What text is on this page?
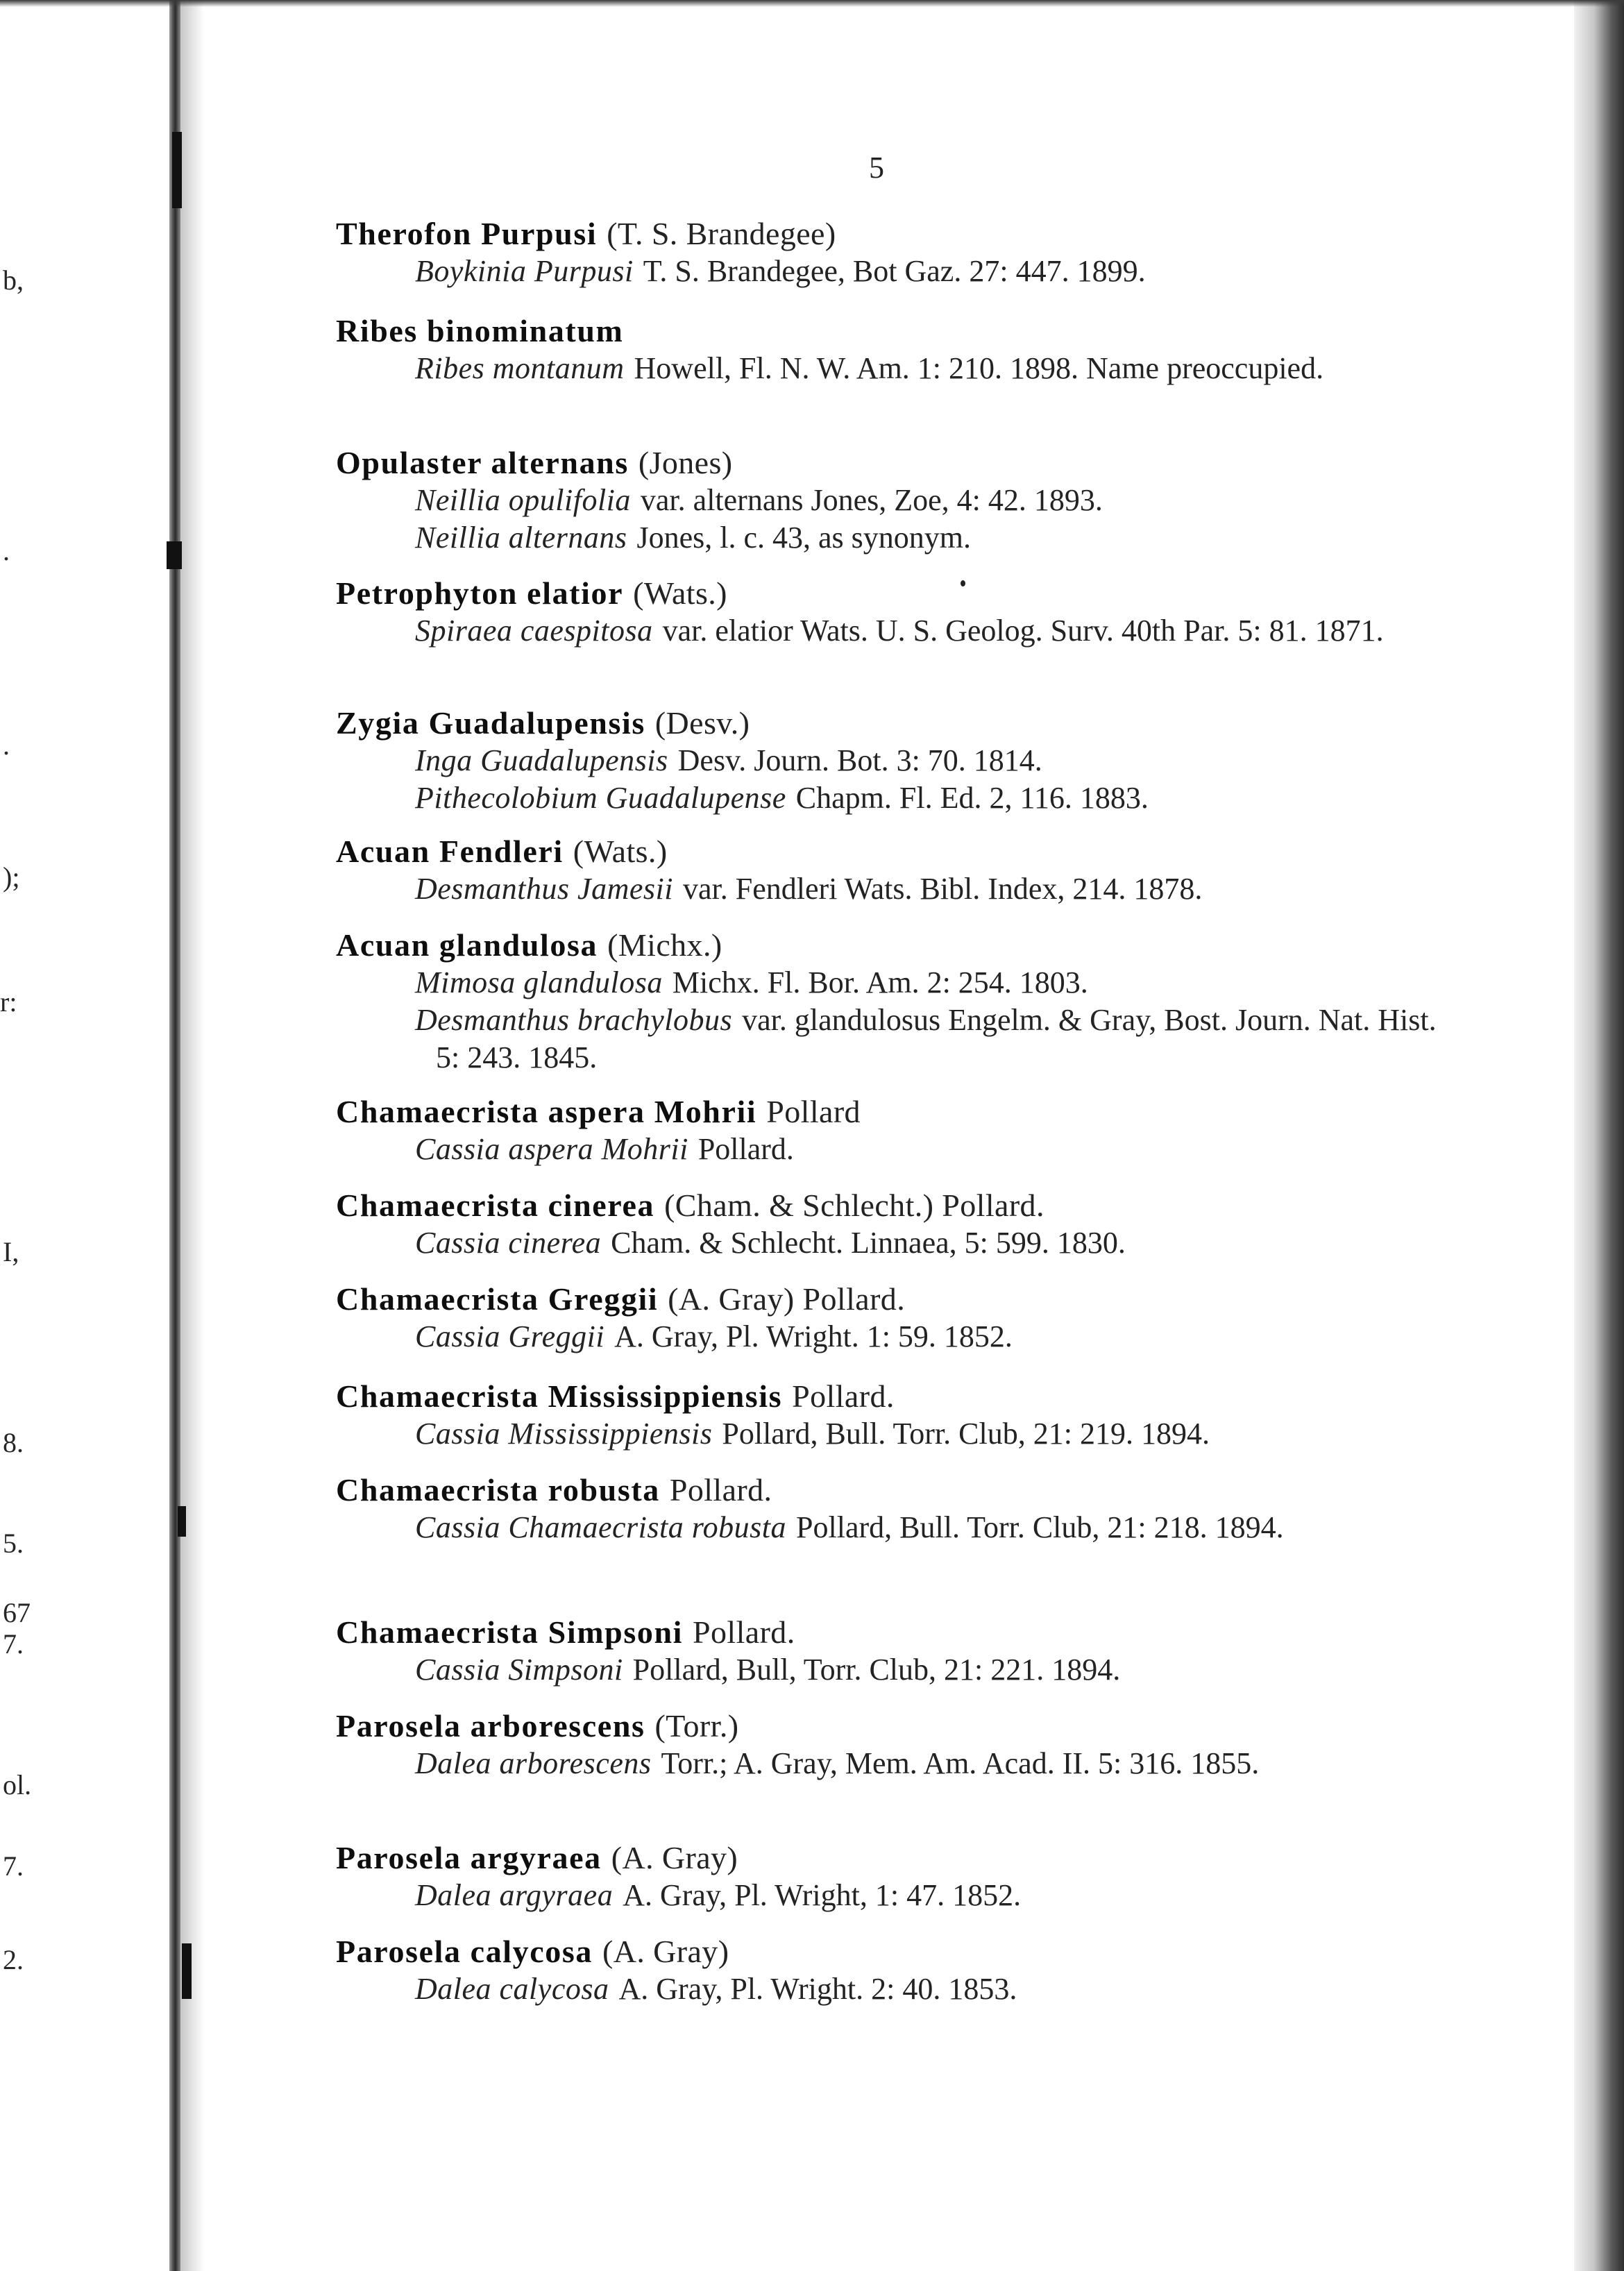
b,
.
.
);
r:
I,
5.
8.
67
7.
ol.
7.
2.
5
Therofon Purpusi (T. S. Brandegee)
Boykinia Purpusi T. S. Brandegee, Bot Gaz. 27: 447. 1899.
Ribes binominatum
Ribes montanum Howell, Fl. N. W. Am. 1: 210. 1898. Name preoccupied.
Opulaster alternans (Jones)
Neillia opulifolia var. alternans Jones, Zoe, 4: 42. 1893.
Neillia alternans Jones, l. c. 43, as synonym.
Petrophyton elatior (Wats.)
Spiraea caespitosa var. elatior Wats. U. S. Geolog. Surv. 40th Par. 5: 81. 1871.
Zygia Guadalupensis (Desv.)
Inga Guadalupensis Desv. Journ. Bot. 3: 70. 1814.
Pithecolobium Guadalupense Chapm. Fl. Ed. 2, 116. 1883.
Acuan Fendleri (Wats.)
Desmanthus Jamesii var. Fendleri Wats. Bibl. Index, 214. 1878.
Acuan glandulosa (Michx.)
Mimosa glandulosa Michx. Fl. Bor. Am. 2: 254. 1803.
Desmanthus brachylobus var. glandulosus Engelm. & Gray, Bost. Journ. Nat. Hist. 5: 243. 1845.
Chamaecrista aspera Mohrii Pollard
Cassia aspera Mohrii Pollard.
Chamaecrista cinerea (Cham. & Schlecht.) Pollard.
Cassia cinerea Cham. & Schlecht. Linnaea, 5: 599. 1830.
Chamaecrista Greggii (A. Gray) Pollard.
Cassia Greggii A. Gray, Pl. Wright. 1: 59. 1852.
Chamaecrista Mississippiensis Pollard.
Cassia Mississippiensis Pollard, Bull. Torr. Club, 21: 219. 1894.
Chamaecrista robusta Pollard.
Cassia Chamaecrista robusta Pollard, Bull. Torr. Club, 21: 218. 1894.
Chamaecrista Simpsoni Pollard.
Cassia Simpsoni Pollard, Bull, Torr. Club, 21: 221. 1894.
Parosela arborescens (Torr.)
Dalea arborescens Torr.; A. Gray, Mem. Am. Acad. II. 5: 316. 1855.
Parosela argyraea (A. Gray)
Dalea argyraea A. Gray, Pl. Wright, 1: 47. 1852.
Parosela calycosa (A. Gray)
Dalea calycosa A. Gray, Pl. Wright. 2: 40. 1853.
